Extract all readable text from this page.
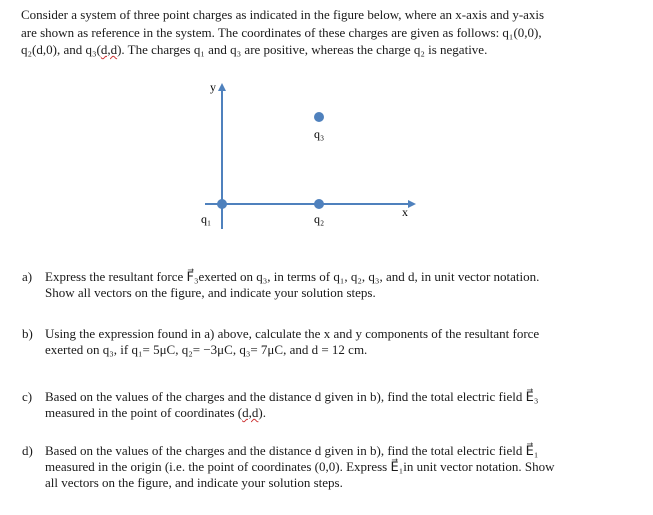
Consider a system of three point charges as indicated in the figure below, where an x-axis and y-axis

are shown as reference in the system. The coordinates of these charges are given as follows: q₁(0,0),

q₂(d,0), and q₃(d,d). The charges q₁ and q₃ are positive, whereas the charge q₂ is negative.

y
x
q₁	q₂
q₃
a) Express the resultant force F⃗₃exerted on q₃, in terms of q₁, q₂, q₃, and d, in unit vector notation.

Show all vectors on the figure, and indicate your solution steps.

b) Using the expression found in a) above, calculate the x and y components of the resultant force

exerted on q₃, if q₁= 5μC, q₂= −3μC, q₃= 7μC, and d = 12 cm.

c) Based on the values of the charges and the distance d given in b), find the total electric field E⃗₃

measured in the point of coordinates (d,d).

d) Based on the values of the charges and the distance d given in b), find the total electric field E⃗₁

measured in the origin (i.e. the point of coordinates (0,0). Express E⃗₁in unit vector notation. Show

all vectors on the figure, and indicate your solution steps.
